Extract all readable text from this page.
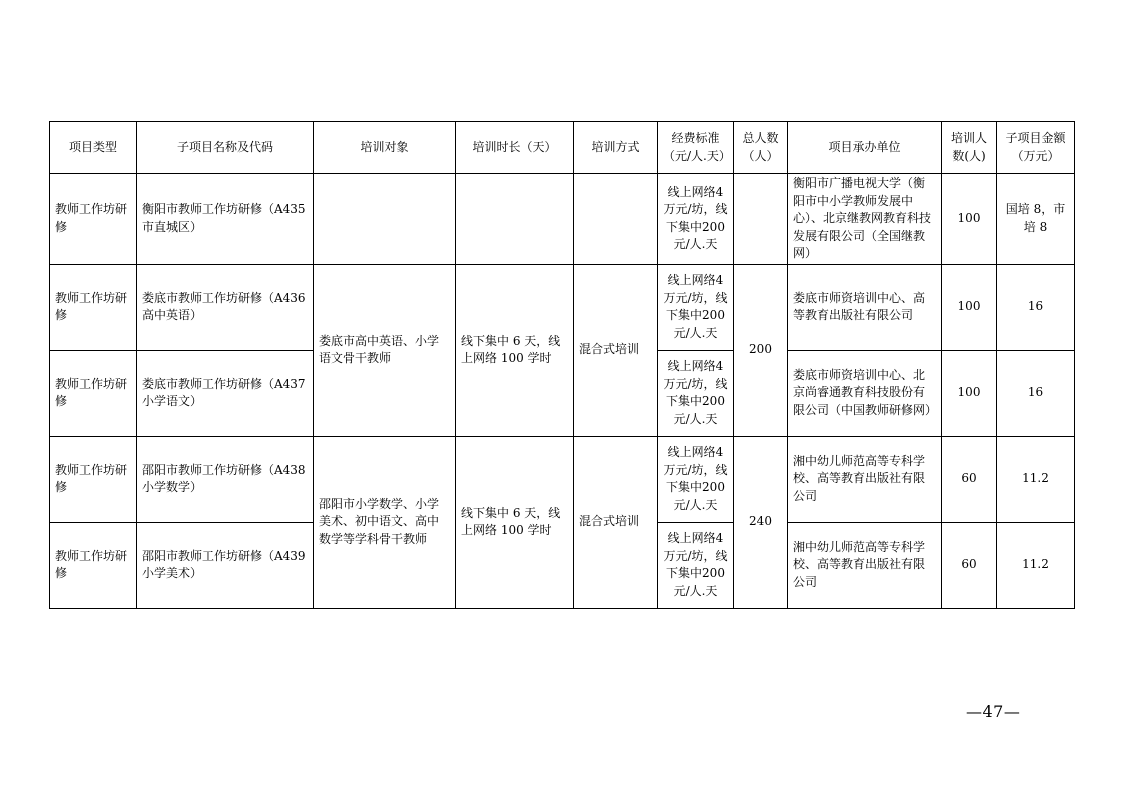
项目类型	子项目名称及代码	培训对象	培训时长（天）	培训方式	经费标准（元/人.天）	总人数（人）	项目承办单位	培训人数(人)	子项目金额（万元）
教师工作坊研修	衡阳市教师工作坊研修（A435 市直城区）				线上网络4万元/坊，线下集中200元/人.天		衡阳市广播电视大学（衡阳市中小学教师发展中心）、北京继教网教育科技发展有限公司（全国继教网）	100	国培 8，市培 8
教师工作坊研修	娄底市教师工作坊研修（A436 高中英语）	娄底市高中英语、小学语文骨干教师	线下集中 6 天，线上网络 100 学时	混合式培训	线上网络4万元/坊，线下集中200元/人.天	200	娄底市师资培训中心、高等教育出版社有限公司	100	16
教师工作坊研修	娄底市教师工作坊研修（A437 小学语文）				线上网络4万元/坊，线下集中200元/人.天		娄底市师资培训中心、北京尚睿通教育科技股份有限公司（中国教师研修网）	100	16
教师工作坊研修	邵阳市教师工作坊研修（A438 小学数学）	邵阳市小学数学、小学美术、初中语文、高中数学等学科骨干教师	线下集中 6 天，线上网络 100 学时	混合式培训	线上网络4万元/坊，线下集中200元/人.天	240	湘中幼儿师范高等专科学校、高等教育出版社有限公司	60	11.2
教师工作坊研修	邵阳市教师工作坊研修（A439 小学美术）				线上网络4万元/坊，线下集中200元/人.天		湘中幼儿师范高等专科学校、高等教育出版社有限公司	60	11.2
—47—
